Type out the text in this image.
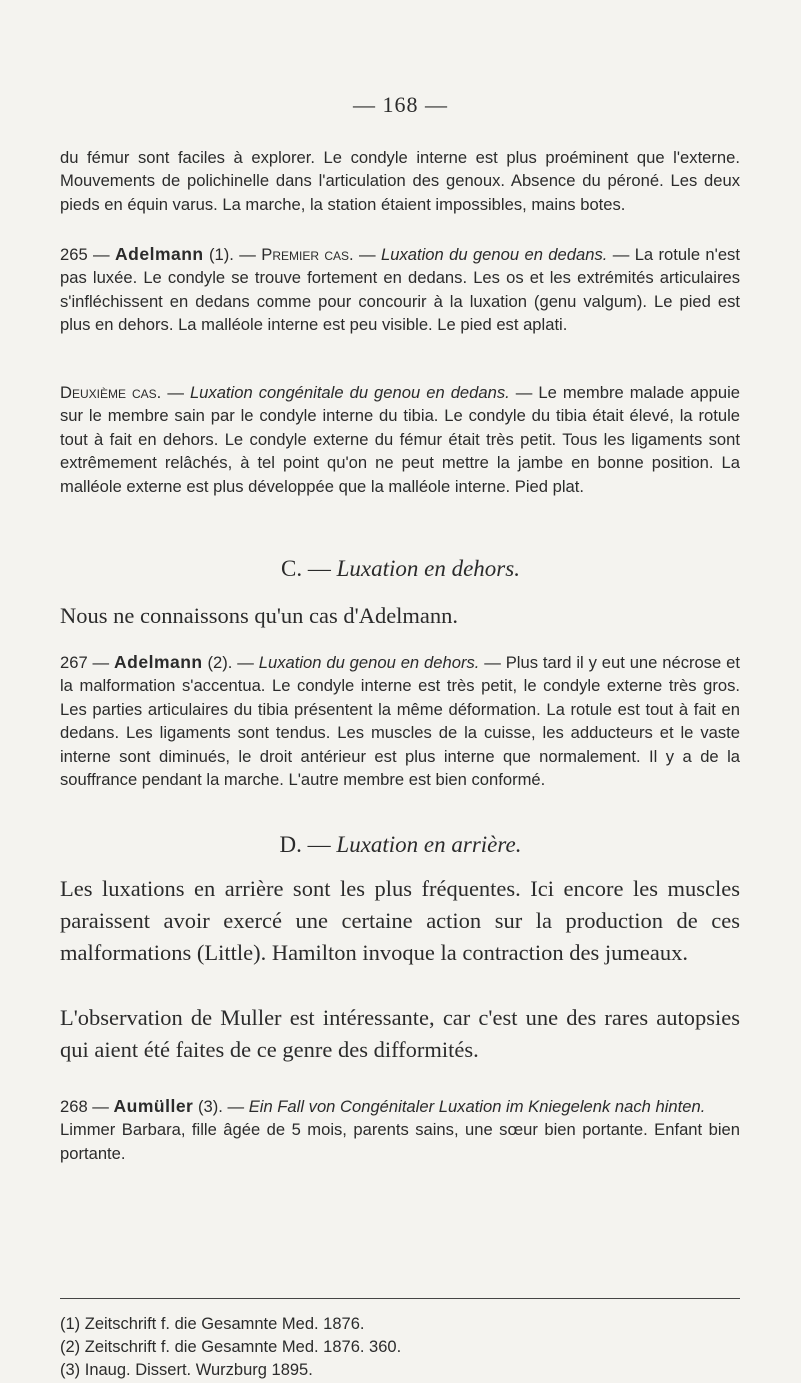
— 168 —

du fémur sont faciles à explorer. Le condyle interne est plus proéminent que l'externe. Mouvements de polichinelle dans l'articulation des genoux. Absence du péroné. Les deux pieds en équin varus. La marche, la station étaient impossibles, mains botes.

265 — Adelmann (1). — Premier cas. — Luxation du genou en dedans. — La rotule n'est pas luxée. Le condyle se trouve fortement en dedans. Les os et les extrémités articulaires s'infléchissent en dedans comme pour concourir à la luxation (genu valgum). Le pied est plus en dehors. La malléole interne est peu visible. Le pied est aplati.

Deuxième cas. — Luxation congénitale du genou en dedans. — Le membre malade appuie sur le membre sain par le condyle interne du tibia. Le condyle du tibia était élevé, la rotule tout à fait en dehors. Le condyle externe du fémur était très petit. Tous les ligaments sont extrêmement relâchés, à tel point qu'on ne peut mettre la jambe en bonne position. La malléole externe est plus développée que la malléole interne. Pied plat.

C. — Luxation en dehors.
Nous ne connaissons qu'un cas d'Adelmann.

267 — Adelmann (2). — Luxation du genou en dehors. — Plus tard il y eut une nécrose et la malformation s'accentua. Le condyle interne est très petit, le condyle externe très gros. Les parties articulaires du tibia présentent la même déformation. La rotule est tout à fait en dedans. Les ligaments sont tendus. Les muscles de la cuisse, les adducteurs et le vaste interne sont diminués, le droit antérieur est plus interne que normalement. Il y a de la souffrance pendant la marche. L'autre membre est bien conformé.

D. — Luxation en arrière.
Les luxations en arrière sont les plus fréquentes. Ici encore les muscles paraissent avoir exercé une certaine action sur la production de ces malformations (Little). Hamilton invoque la contraction des jumeaux.
L'observation de Muller est intéressante, car c'est une des rares autopsies qui aient été faites de ce genre des difformités.

268 — Aumüller (3). — Ein Fall von Congénitaler Luxation im Kniegelenk nach hinten.

Limmer Barbara, fille âgée de 5 mois, parents sains, une sœur bien portante. Enfant bien portante.

(1) Zeitschrift f. die Gesamnte Med. 1876.
(2) Zeitschrift f. die Gesamnte Med. 1876. 360.
(3) Inaug. Dissert. Wurzburg 1895.
